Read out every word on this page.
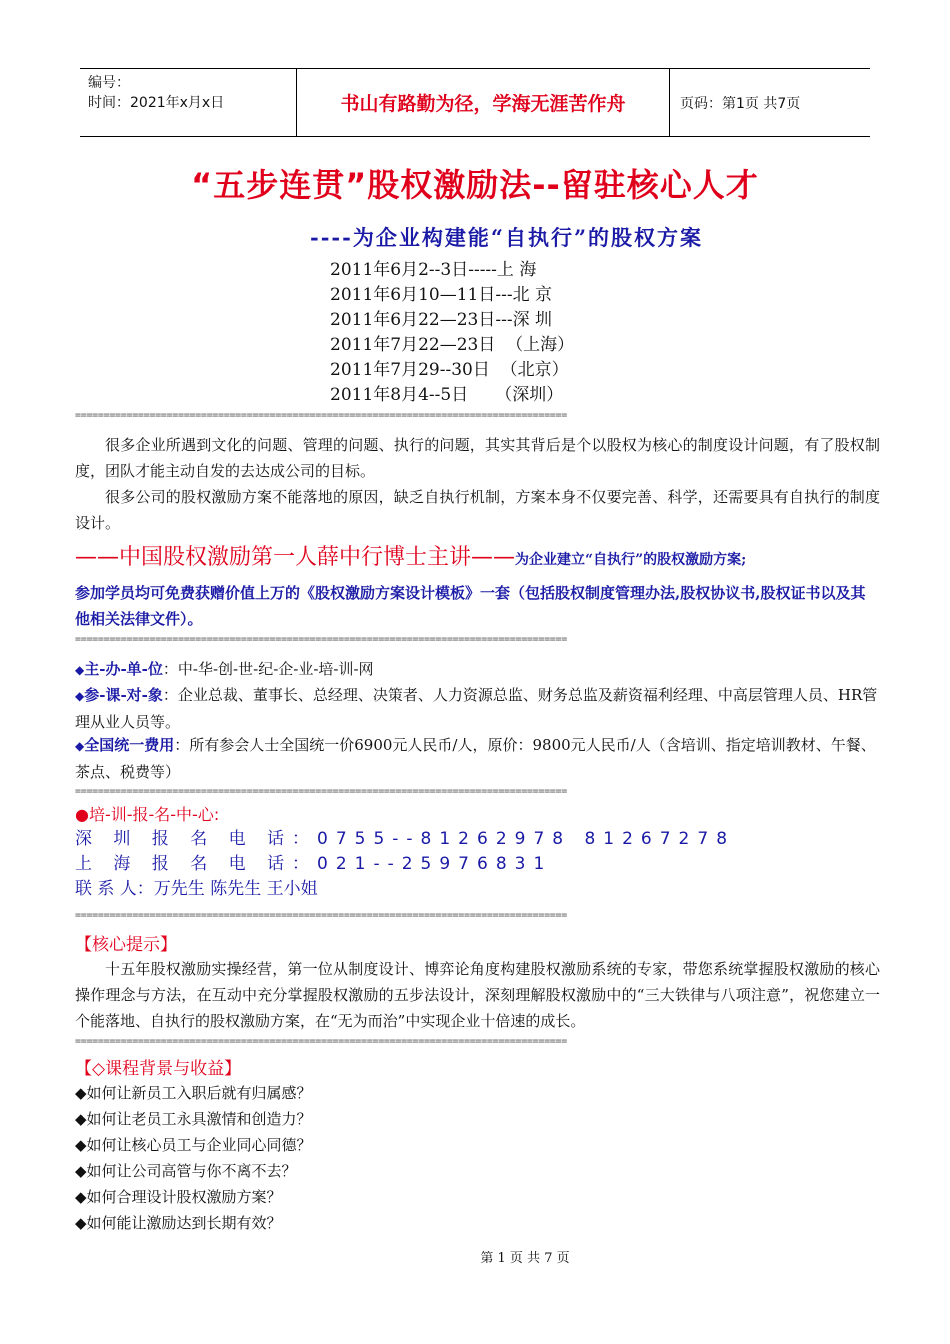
编号：
时间：2021年x月x日	书山有路勤为径，学海无涯苦作舟	页码：第1页 共7页
“五步连贯”股权激励法--留驻核心人才
----为企业构建能“自执行”的股权方案
2011年6月2--3日-----上 海
2011年6月10—11日---北 京
2011年6月22—23日---深 圳
2011年7月22—23日  （上海）
2011年7月29--30日  （北京）
2011年8月4--5日     （深圳）
======================================================================================
很多企业所遇到文化的问题、管理的问题、执行的问题，其实其背后是个以股权为核心的制度设计问题，有了股权制度，团队才能主动自发的去达成公司的目标。
很多公司的股权激励方案不能落地的原因，缺乏自执行机制，方案本身不仅要完善、科学，还需要具有自执行的制度设计。
——中国股权激励第一人薛中行博士主讲——为企业建立“自执行”的股权激励方案;
参加学员均可免费获赠价值上万的《股权激励方案设计模板》一套（包括股权制度管理办法,股权协议书,股权证书以及其他相关法律文件）。
======================================================================================
◆主-办-单-位：中-华-创-世-纪-企-业-培-训-网
◆参-课-对-象：企业总裁、董事长、总经理、决策者、人力资源总监、财务总监及薪资福利经理、中高层管理人员、HR管理从业人员等。
◆全国统一费用：所有参会人士全国统一价6900元人民币/人，原价：9800元人民币/人（含培训、指定培训教材、午餐、茶点、税费等）
======================================================================================
●培-训-报-名-中-心:
深 圳 报 名 电 话：0755--81262978 81267278
上 海 报 名 电 话：021--25976831
联 系 人：万先生 陈先生 王小姐
======================================================================================
【核心提示】
十五年股权激励实操经营，第一位从制度设计、博弈论角度构建股权激励系统的专家，带您系统掌握股权激励的核心操作理念与方法，在互动中充分掌握股权激励的五步法设计，深刻理解股权激励中的“三大铁律与八项注意”，祝您建立一个能落地、自执行的股权激励方案，在“无为而治”中实现企业十倍速的成长。
======================================================================================
【◇课程背景与收益】
◆如何让新员工入职后就有归属感？
◆如何让老员工永具激情和创造力？
◆如何让核心员工与企业同心同德？
◆如何让公司高管与你不离不去？
◆如何合理设计股权激励方案？
◆如何能让激励达到长期有效？
第 1 页 共 7 页
